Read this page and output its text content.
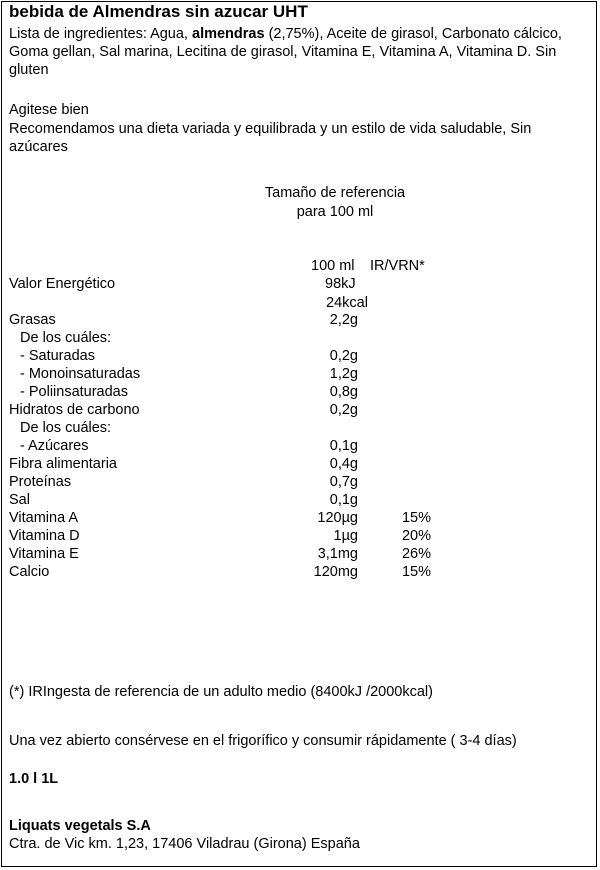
bebida de Almendras sin azucar UHT
Lista de ingredientes: Agua, almendras (2,75%), Aceite de girasol, Carbonato cálcico, Goma gellan, Sal marina, Lecitina de girasol, Vitamina E, Vitamina A, Vitamina D. Sin gluten
Agitese bien
Recomendamos una dieta variada y equilibrada y un estilo de vida saludable, Sin azúcares
Tamaño de referencia
para 100 ml
100 ml IR/VRN*
Valor Energético	98kJ
24kcal
Grasas	2,2g
De los cuáles:
- Saturadas	0,2g
- Monoinsaturadas	1,2g
- Poliinsaturadas	0,8g
Hidratos de carbono	0,2g
De los cuáles:
- Azúcares	0,1g
Fibra alimentaria	0,4g
Proteínas	0,7g
Sal	0,1g
Vitamina A	120µg	15%
Vitamina D	1µg	20%
Vitamina E	3,1mg	26%
Calcio	120mg	15%
(*) IRIngesta de referencia de un adulto medio (8400kJ /2000kcal)
Una vez abierto consérvese en el frigorífico y consumir rápidamente ( 3-4 días)
1.0 l 1L
Liquats vegetals S.A
Ctra. de Vic km. 1,23, 17406 Viladrau (Girona) España
